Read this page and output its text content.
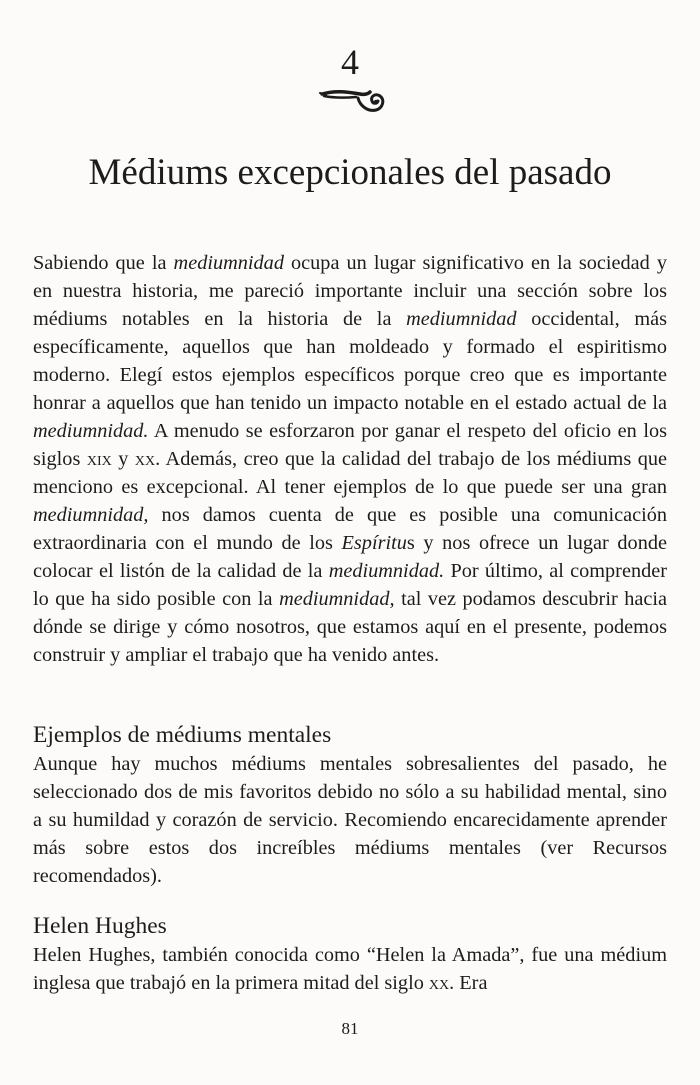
4
Médiums excepcionales del pasado

Sabiendo que la mediumnidad ocupa un lugar significativo en la sociedad y en nuestra historia, me pareció importante incluir una sección sobre los médiums notables en la historia de la mediumnidad occidental, más específicamente, aquellos que han moldeado y formado el espiritismo moderno. Elegí estos ejemplos específicos porque creo que es importante honrar a aquellos que han tenido un impacto notable en el estado actual de la mediumnidad. A menudo se esforzaron por ganar el respeto del oficio en los siglos xix y xx. Además, creo que la calidad del trabajo de los médiums que menciono es excepcional. Al tener ejemplos de lo que puede ser una gran mediumnidad, nos damos cuenta de que es posible una comunicación extraordinaria con el mundo de los Espíritus y nos ofrece un lugar donde colocar el listón de la calidad de la mediumnidad. Por último, al comprender lo que ha sido posible con la mediumnidad, tal vez podamos descubrir hacia dónde se dirige y cómo nosotros, que estamos aquí en el presente, podemos construir y ampliar el trabajo que ha venido antes.

Ejemplos de médiums mentales

Aunque hay muchos médiums mentales sobresalientes del pasado, he seleccionado dos de mis favoritos debido no sólo a su habilidad mental, sino a su humildad y corazón de servicio. Recomiendo encarecidamente aprender más sobre estos dos increíbles médiums mentales (ver Recursos recomendados).

Helen Hughes

Helen Hughes, también conocida como “Helen la Amada”, fue una médium inglesa que trabajó en la primera mitad del siglo xx. Era

81
